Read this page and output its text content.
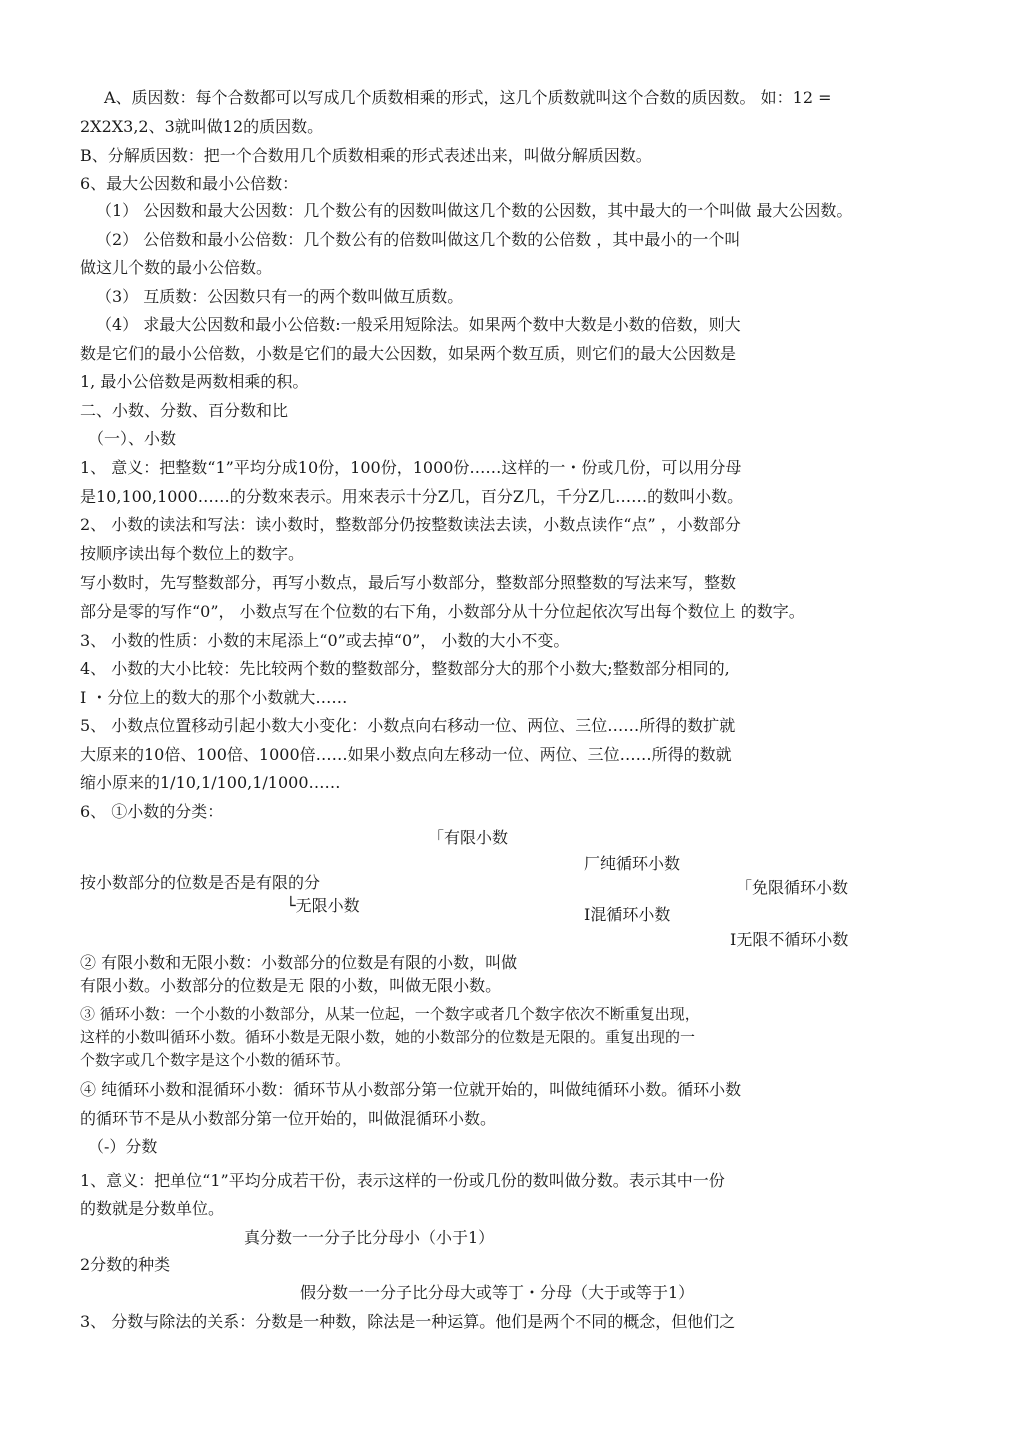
A、质因数：每个合数都可以写成几个质数相乘的形式，这几个质数就叫这个合数的质因数。 如：12 =
2X2X3,2、3就叫做12的质因数。
B、分解质因数：把一个合数用几个质数相乘的形式表述出来，叫做分解质因数。
6、最大公因数和最小公倍数：
（1） 公因数和最大公因数：几个数公有的因数叫做这几个数的公因数，其中最大的一个叫做 最大公因数。
（2） 公倍数和最小公倍数：几个数公有的倍数叫做这几个数的公倍数 ，其中最小的一个叫
做这儿个数的最小公倍数。
（3） 互质数：公因数只有一的两个数叫做互质数。
（4） 求最大公因数和最小公倍数:一般采用短除法。如果两个数中大数是小数的倍数，则大
数是它们的最小公倍数，小数是它们的最大公因数，如杲两个数互质，则它们的最大公因数是
1, 最小公倍数是两数相乘的积。
二、小数、分数、百分数和比
（一）、小数
1、 意义：把整数“1”平均分成10份，100份，1000份……这样的一・份或几份，可以用分母
是10,100,1000……的分数來表示。用來表示十分Z几，百分Z几，千分Z几……的数叫小数。
2、 小数的读法和写法：读小数时，整数部分仍按整数读法去读，小数点读作“点” ，小数部分
按顺序读出每个数位上的数字。
写小数时，先写整数部分，再写小数点，最后写小数部分，整数部分照整数的写法来写，整数
部分是零的写作“0”， 小数点写在个位数的右下角，小数部分从十分位起依次写出每个数位上 的数字。
3、 小数的性质：小数的末尾添上“0”或去掉“0”， 小数的大小不变。
4、 小数的大小比较：先比较两个数的整数部分，整数部分大的那个小数大;整数部分相同的,
I ・分位上的数大的那个小数就大……
5、 小数点位置移动引起小数大小变化：小数点向右移动一位、两位、三位……所得的数扩就
大原来的10倍、100倍、1000倍……如果小数点向左移动一位、两位、三位……所得的数就
缩小原来的1/10,1/100,1/1000……
6、 ①小数的分类：
「有限小数
厂纯循环小数
按小数部分的位数是否是有限的分	「免限循环小数
└无限小数	I混循环小数
I无限不循环小数
② 有限小数和无限小数：小数部分的位数是有限的小数，叫做
有限小数。小数部分的位数是无 限的小数，叫做无限小数。
③ 循环小数：一个小数的小数部分，从某一位起，一个数字或者几个数字依次不断重复出现，
这样的小数叫循环小数。循环小数是无限小数，她的小数部分的位数是无限的。重复出现的一
个数字或几个数字是这个小数的循环节。
④ 纯循环小数和混循环小数：循环节从小数部分第一位就开始的，叫做纯循环小数。循环小数
的循环节不是从小数部分第一位开始的，叫做混循环小数。
（-）分数
1、意义：把单位“1”平均分成若干份，表示这样的一份或几份的数叫做分数。表示其中一份
的数就是分数单位。
真分数一一分子比分母小（小于1）
2分数的种类
假分数一一分子比分母大或等丁・分母（大于或等于1）
3、 分数与除法的关系：分数是一种数，除法是一种运算。他们是两个不同的概念，但他们之
